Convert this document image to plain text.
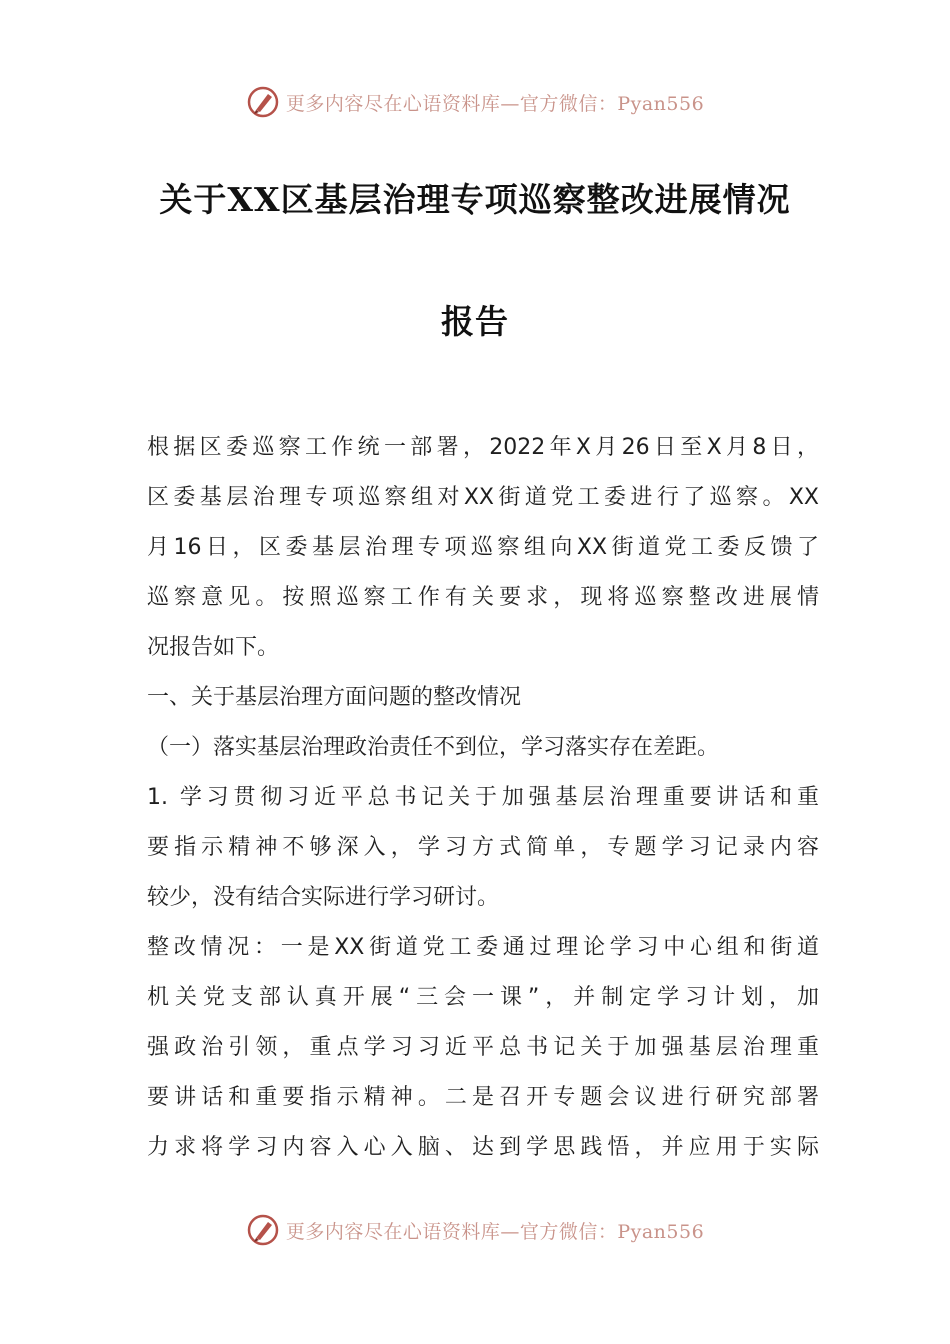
更多内容尽在心语资料库—官方微信：Pyan556
关于XX区基层治理专项巡察整改进展情况
报告
根据区委巡察工作统一部署，2022年X月26日至X月8日，
区委基层治理专项巡察组对XX街道党工委进行了巡察。XX
月16日，区委基层治理专项巡察组向XX街道党工委反馈了
巡察意见。按照巡察工作有关要求，现将巡察整改进展情
况报告如下。
一、关于基层治理方面问题的整改情况
（一）落实基层治理政治责任不到位，学习落实存在差距。
1. 学习贯彻习近平总书记关于加强基层治理重要讲话和重
要指示精神不够深入，学习方式简单，专题学习记录内容
较少，没有结合实际进行学习研讨。
整改情况：一是XX街道党工委通过理论学习中心组和街道
机关党支部认真开展“三会一课”，并制定学习计划，加
强政治引领，重点学习习近平总书记关于加强基层治理重
要讲话和重要指示精神。二是召开专题会议进行研究部署
力求将学习内容入心入脑、达到学思践悟，并应用于实际
更多内容尽在心语资料库—官方微信：Pyan556
